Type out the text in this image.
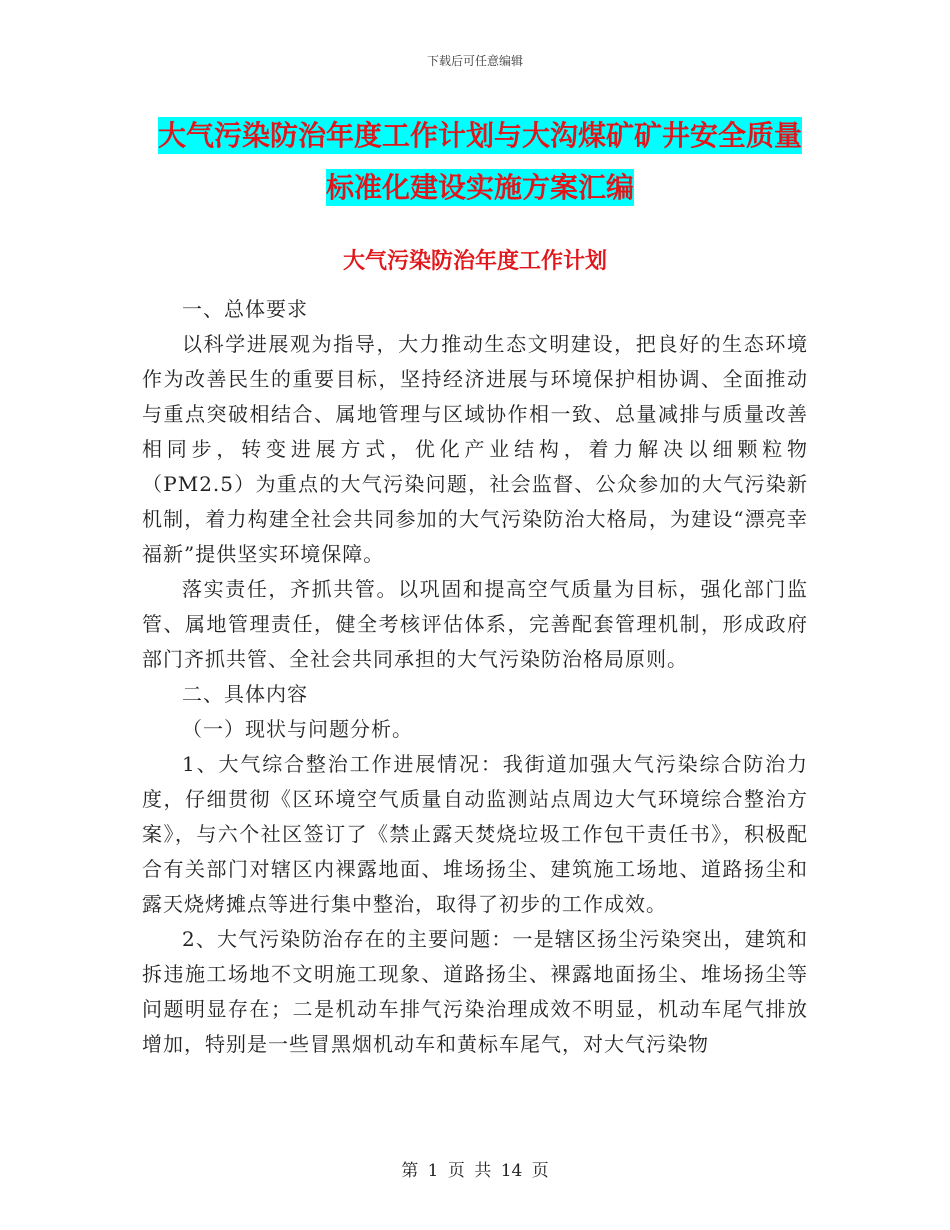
下载后可任意编辑
大气污染防治年度工作计划与大沟煤矿矿井安全质量
标准化建设实施方案汇编
大气污染防治年度工作计划

一、总体要求

以科学进展观为指导，大力推动生态文明建设，把良好的生态环境作为改善民生的重要目标，坚持经济进展与环境保护相协调、全面推动与重点突破相结合、属地管理与区域协作相一致、总量减排与质量改善相同步，转变进展方式，优化产业结构，着力解决以细颗粒物（PM2.5）为重点的大气污染问题，社会监督、公众参加的大气污染新机制，着力构建全社会共同参加的大气污染防治大格局，为建设“漂亮幸福新”提供坚实环境保障。

落实责任，齐抓共管。以巩固和提高空气质量为目标，强化部门监管、属地管理责任，健全考核评估体系，完善配套管理机制，形成政府部门齐抓共管、全社会共同承担的大气污染防治格局原则。

二、具体内容

（一）现状与问题分析。

1、大气综合整治工作进展情况：我街道加强大气污染综合防治力度，仔细贯彻《区环境空气质量自动监测站点周边大气环境综合整治方案》，与六个社区签订了《禁止露天焚烧垃圾工作包干责任书》，积极配合有关部门对辖区内裸露地面、堆场扬尘、建筑施工场地、道路扬尘和露天烧烤摊点等进行集中整治，取得了初步的工作成效。

2、大气污染防治存在的主要问题：一是辖区扬尘污染突出，建筑和拆违施工场地不文明施工现象、道路扬尘、裸露地面扬尘、堆场扬尘等问题明显存在；二是机动车排气污染治理成效不明显，机动车尾气排放增加，特别是一些冒黑烟机动车和黄标车尾气，对大气污染物

第 1 页 共 14 页
